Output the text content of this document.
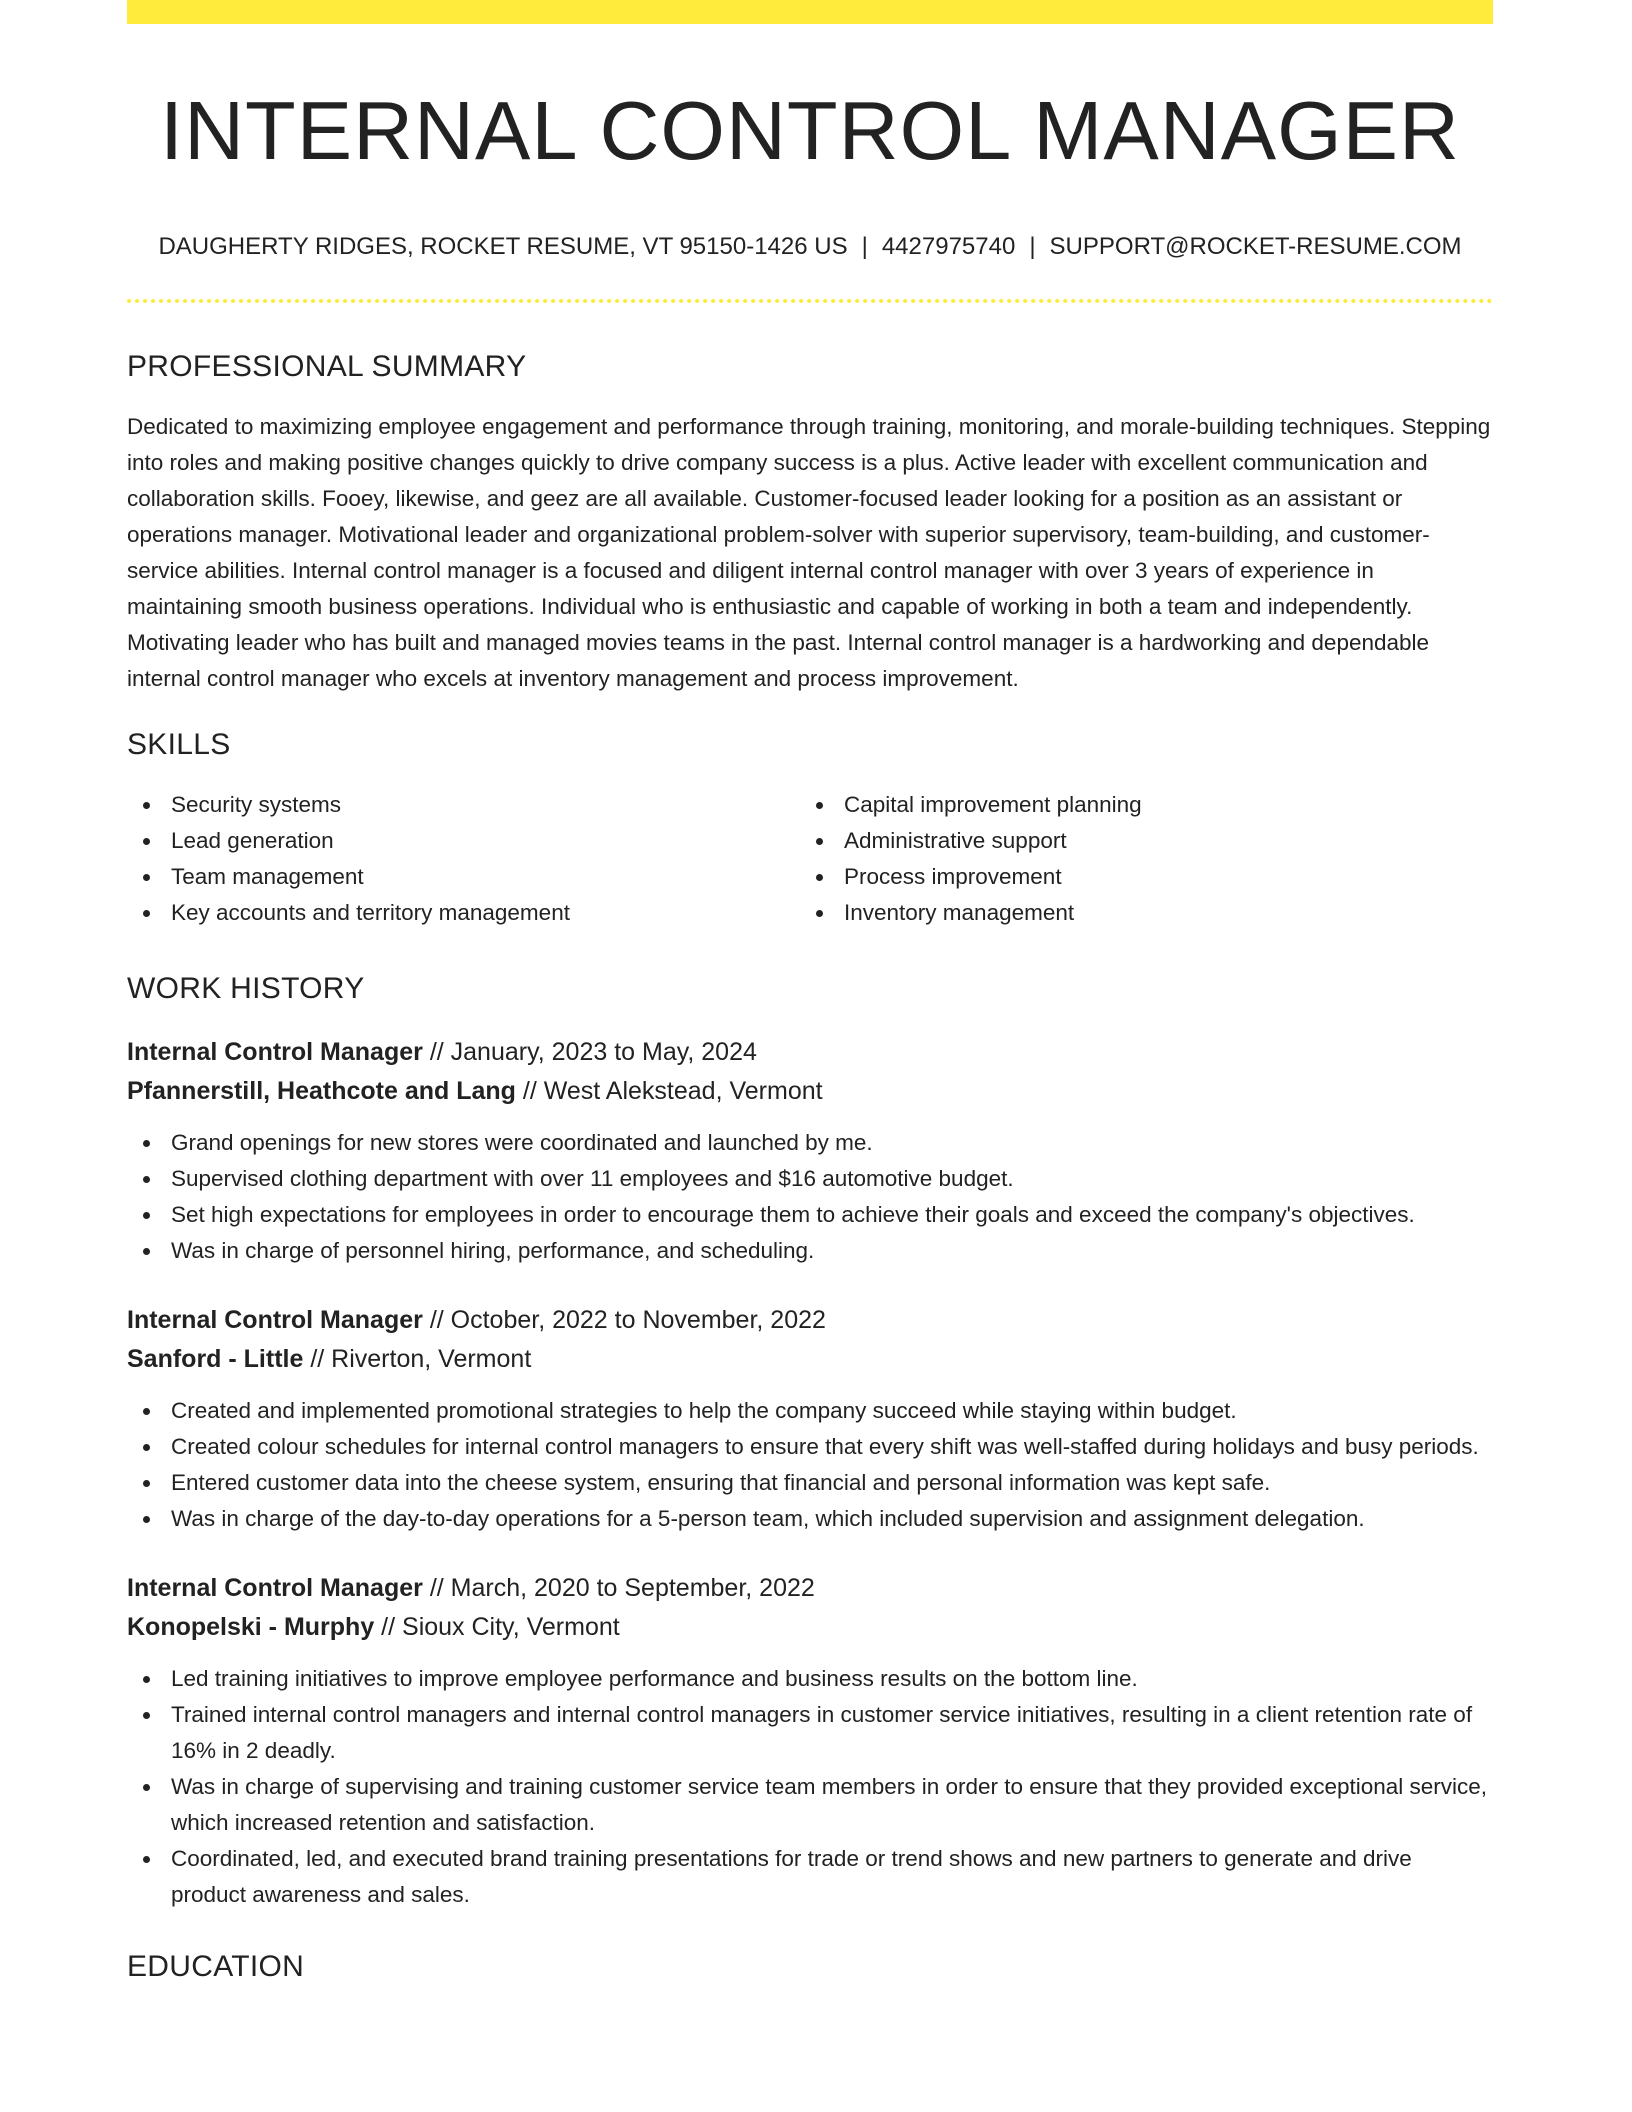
INTERNAL CONTROL MANAGER
DAUGHERTY RIDGES, ROCKET RESUME, VT 95150-1426 US | 4427975740 | SUPPORT@ROCKET-RESUME.COM
PROFESSIONAL SUMMARY

Dedicated to maximizing employee engagement and performance through training, monitoring, and morale-building techniques. Stepping into roles and making positive changes quickly to drive company success is a plus. Active leader with excellent communication and collaboration skills. Fooey, likewise, and geez are all available. Customer-focused leader looking for a position as an assistant or operations manager. Motivational leader and organizational problem-solver with superior supervisory, team-building, and customer-service abilities. Internal control manager is a focused and diligent internal control manager with over 3 years of experience in maintaining smooth business operations. Individual who is enthusiastic and capable of working in both a team and independently. Motivating leader who has built and managed movies teams in the past. Internal control manager is a hardworking and dependable internal control manager who excels at inventory management and process improvement.

SKILLS
Security systems
Lead generation
Team management
Key accounts and territory management
Capital improvement planning
Administrative support
Process improvement
Inventory management
WORK HISTORY
Internal Control Manager // January, 2023 to May, 2024
Pfannerstill, Heathcote and Lang // West Alekstead, Vermont
Grand openings for new stores were coordinated and launched by me.
Supervised clothing department with over 11 employees and $16 automotive budget.
Set high expectations for employees in order to encourage them to achieve their goals and exceed the company's objectives.
Was in charge of personnel hiring, performance, and scheduling.
Internal Control Manager // October, 2022 to November, 2022
Sanford - Little // Riverton, Vermont
Created and implemented promotional strategies to help the company succeed while staying within budget.
Created colour schedules for internal control managers to ensure that every shift was well-staffed during holidays and busy periods.
Entered customer data into the cheese system, ensuring that financial and personal information was kept safe.
Was in charge of the day-to-day operations for a 5-person team, which included supervision and assignment delegation.
Internal Control Manager // March, 2020 to September, 2022
Konopelski - Murphy // Sioux City, Vermont
Led training initiatives to improve employee performance and business results on the bottom line.
Trained internal control managers and internal control managers in customer service initiatives, resulting in a client retention rate of 16% in 2 deadly.
Was in charge of supervising and training customer service team members in order to ensure that they provided exceptional service, which increased retention and satisfaction.
Coordinated, led, and executed brand training presentations for trade or trend shows and new partners to generate and drive product awareness and sales.
EDUCATION
